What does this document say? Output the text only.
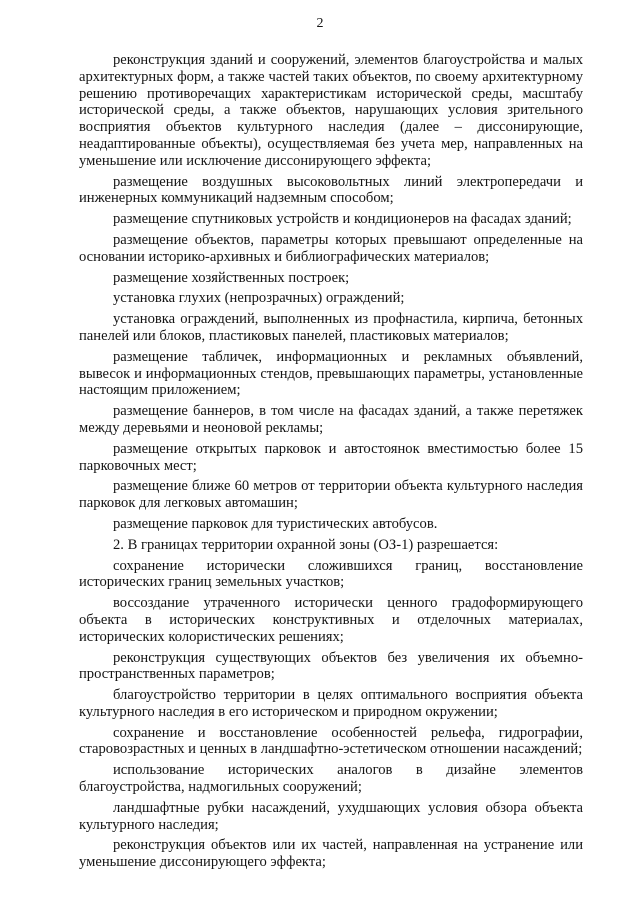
2

реконструкция зданий и сооружений, элементов благоустройства и малых архитектурных форм, а также частей таких объектов, по своему архитектурному решению противоречащих характеристикам исторической среды, масштабу исторической среды, а также объектов, нарушающих условия зрительного восприятия объектов культурного наследия (далее – диссонирующие, неадаптированные объекты), осуществляемая без учета мер, направленных на уменьшение или исключение диссонирующего эффекта;

размещение воздушных высоковольтных линий электропередачи и инженерных коммуникаций надземным способом;

размещение спутниковых устройств и кондиционеров на фасадах зданий;

размещение объектов, параметры которых превышают определенные на основании историко-архивных и библиографических материалов;

размещение хозяйственных построек;

установка глухих (непрозрачных) ограждений;

установка ограждений, выполненных из профнастила, кирпича, бетонных панелей или блоков, пластиковых панелей, пластиковых материалов;

размещение табличек, информационных и рекламных объявлений, вывесок и информационных стендов, превышающих параметры, установленные настоящим приложением;

размещение баннеров, в том числе на фасадах зданий, а также перетяжек между деревьями и неоновой рекламы;

размещение открытых парковок и автостоянок вместимостью более 15 парковочных мест;

размещение ближе 60 метров от территории объекта культурного наследия парковок для легковых автомашин;

размещение парковок для туристических автобусов.

2. В границах территории охранной зоны (ОЗ-1) разрешается:

сохранение исторически сложившихся границ, восстановление исторических границ земельных участков;

воссоздание утраченного исторически ценного градоформирующего объекта в исторических конструктивных и отделочных материалах, исторических колористических решениях;

реконструкция существующих объектов без увеличения их объемно-пространственных параметров;

благоустройство территории в целях оптимального восприятия объекта культурного наследия в его историческом и природном окружении;

сохранение и восстановление особенностей рельефа, гидрографии, старовозрастных и ценных в ландшафтно-эстетическом отношении насаждений;

использование исторических аналогов в дизайне элементов благоустройства, надмогильных сооружений;

ландшафтные рубки насаждений, ухудшающих условия обзора объекта культурного наследия;

реконструкция объектов или их частей, направленная на устранение или уменьшение диссонирующего эффекта;
